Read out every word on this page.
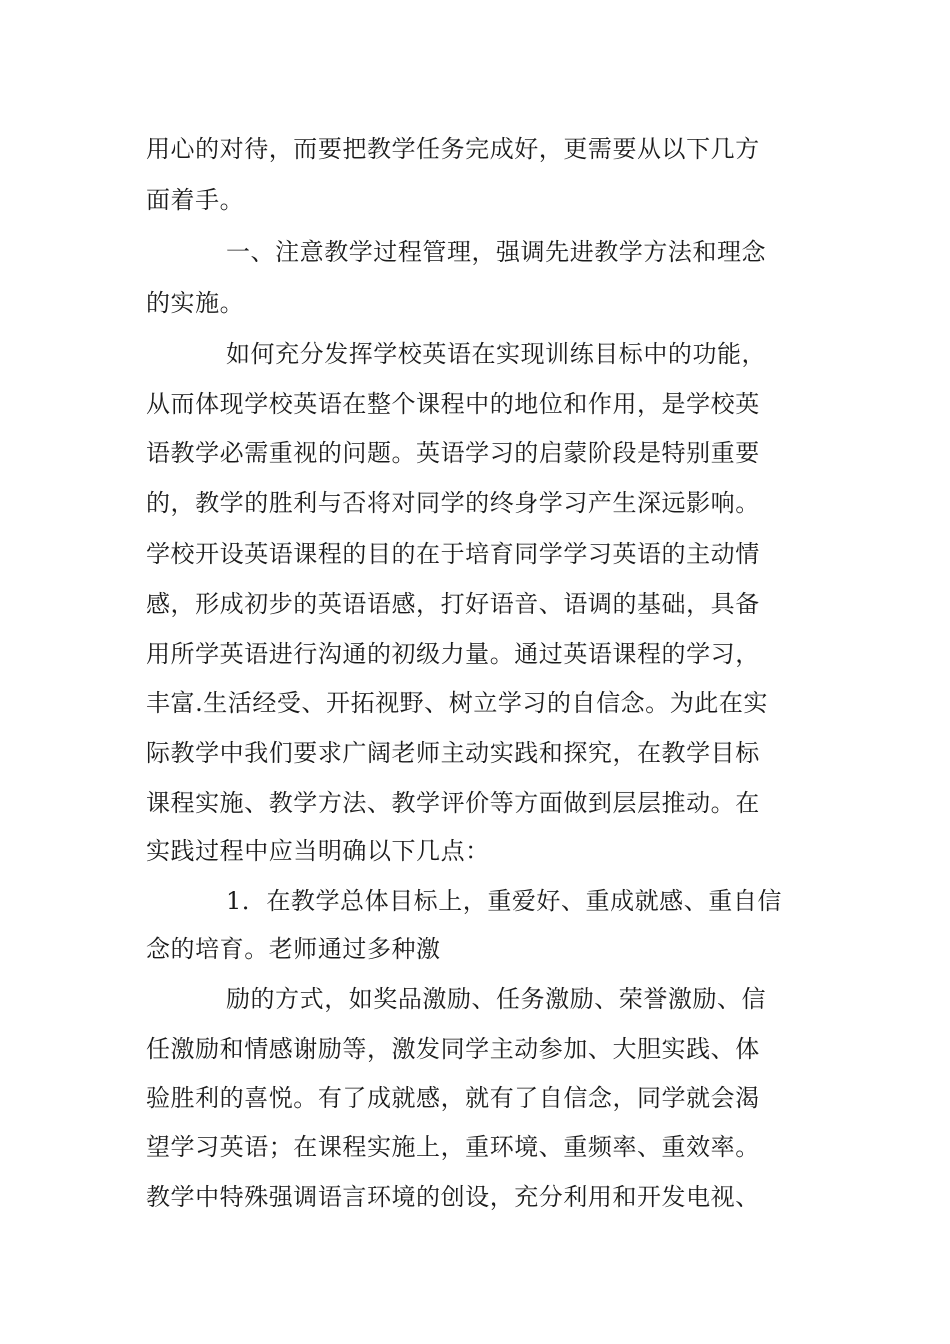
用心的对待，而要把教学任务完成好，更需要从以下几方
面着手。
一、注意教学过程管理，强调先进教学方法和理念
的实施。
如何充分发挥学校英语在实现训练目标中的功能，
从而体现学校英语在整个课程中的地位和作用，是学校英
语教学必需重视的问题。英语学习的启蒙阶段是特别重要
的，教学的胜利与否将对同学的终身学习产生深远影响。
学校开设英语课程的目的在于培育同学学习英语的主动情
感，形成初步的英语语感，打好语音、语调的基础，具备
用所学英语进行沟通的初级力量。通过英语课程的学习，
丰富.生活经受、开拓视野、树立学习的自信念。为此在实
际教学中我们要求广阔老师主动实践和探究，在教学目标
课程实施、教学方法、教学评价等方面做到层层推动。在
实践过程中应当明确以下几点：
1．在教学总体目标上，重爱好、重成就感、重自信
念的培育。老师通过多种激
励的方式，如奖品激励、任务激励、荣誉激励、信
任激励和情感谢励等，激发同学主动参加、大胆实践、体
验胜利的喜悦。有了成就感，就有了自信念，同学就会渴
望学习英语；在课程实施上，重环境、重频率、重效率。
教学中特殊强调语言环境的创设，充分利用和开发电视、
